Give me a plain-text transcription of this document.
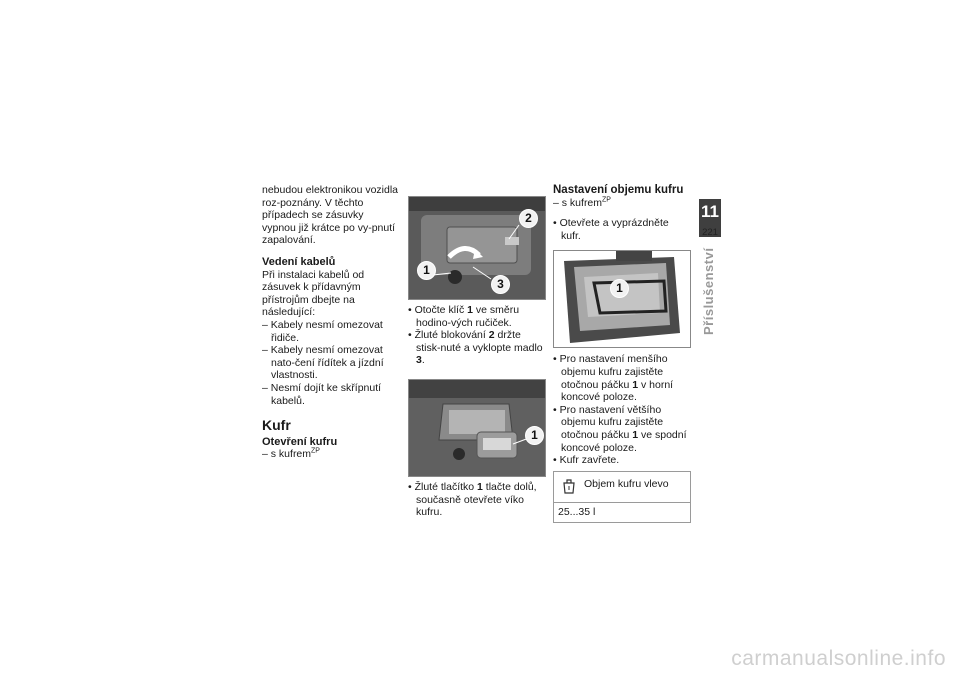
nebudou elektronikou vozidla roz-poznány. V těchto případech se zásuvky vypnou již krátce po vy-pnutí zapalování.

Vedení kabelů

Při instalaci kabelů od zásuvek k přídavným přístrojům dbejte na následující:

– Kabely nesmí omezovat řidiče.

– Kabely nesmí omezovat nato-čení řídítek a jízdní vlastnosti.

– Nesmí dojít ke skřípnutí kabelů.

Kufr

Otevření kufru

– s kufrem$^{ZP}$

2
1
3

• Otočte klíč 1 ve směru hodino-vých ručiček.

• Žluté blokování 2 držte stisk-nuté a vyklopte madlo 3.

1

• Žluté tlačítko 1 tlačte dolů, současně otevřete víko kufru.

Nastavení objemu kufru

– s kufrem$^{ZP}$

• Otevřete a vyprázdněte kufr.

1

• Pro nastavení menšího objemu kufru zajistěte otočnou páčku 1 v horní koncové poloze.

• Pro nastavení většího objemu kufru zajistěte otočnou páčku 1 ve spodní koncové poloze.

• Kufr zavřete.

Objem kufru vlevo
25...35 l
11
221
Příslušenství
carmanualsonline.info
